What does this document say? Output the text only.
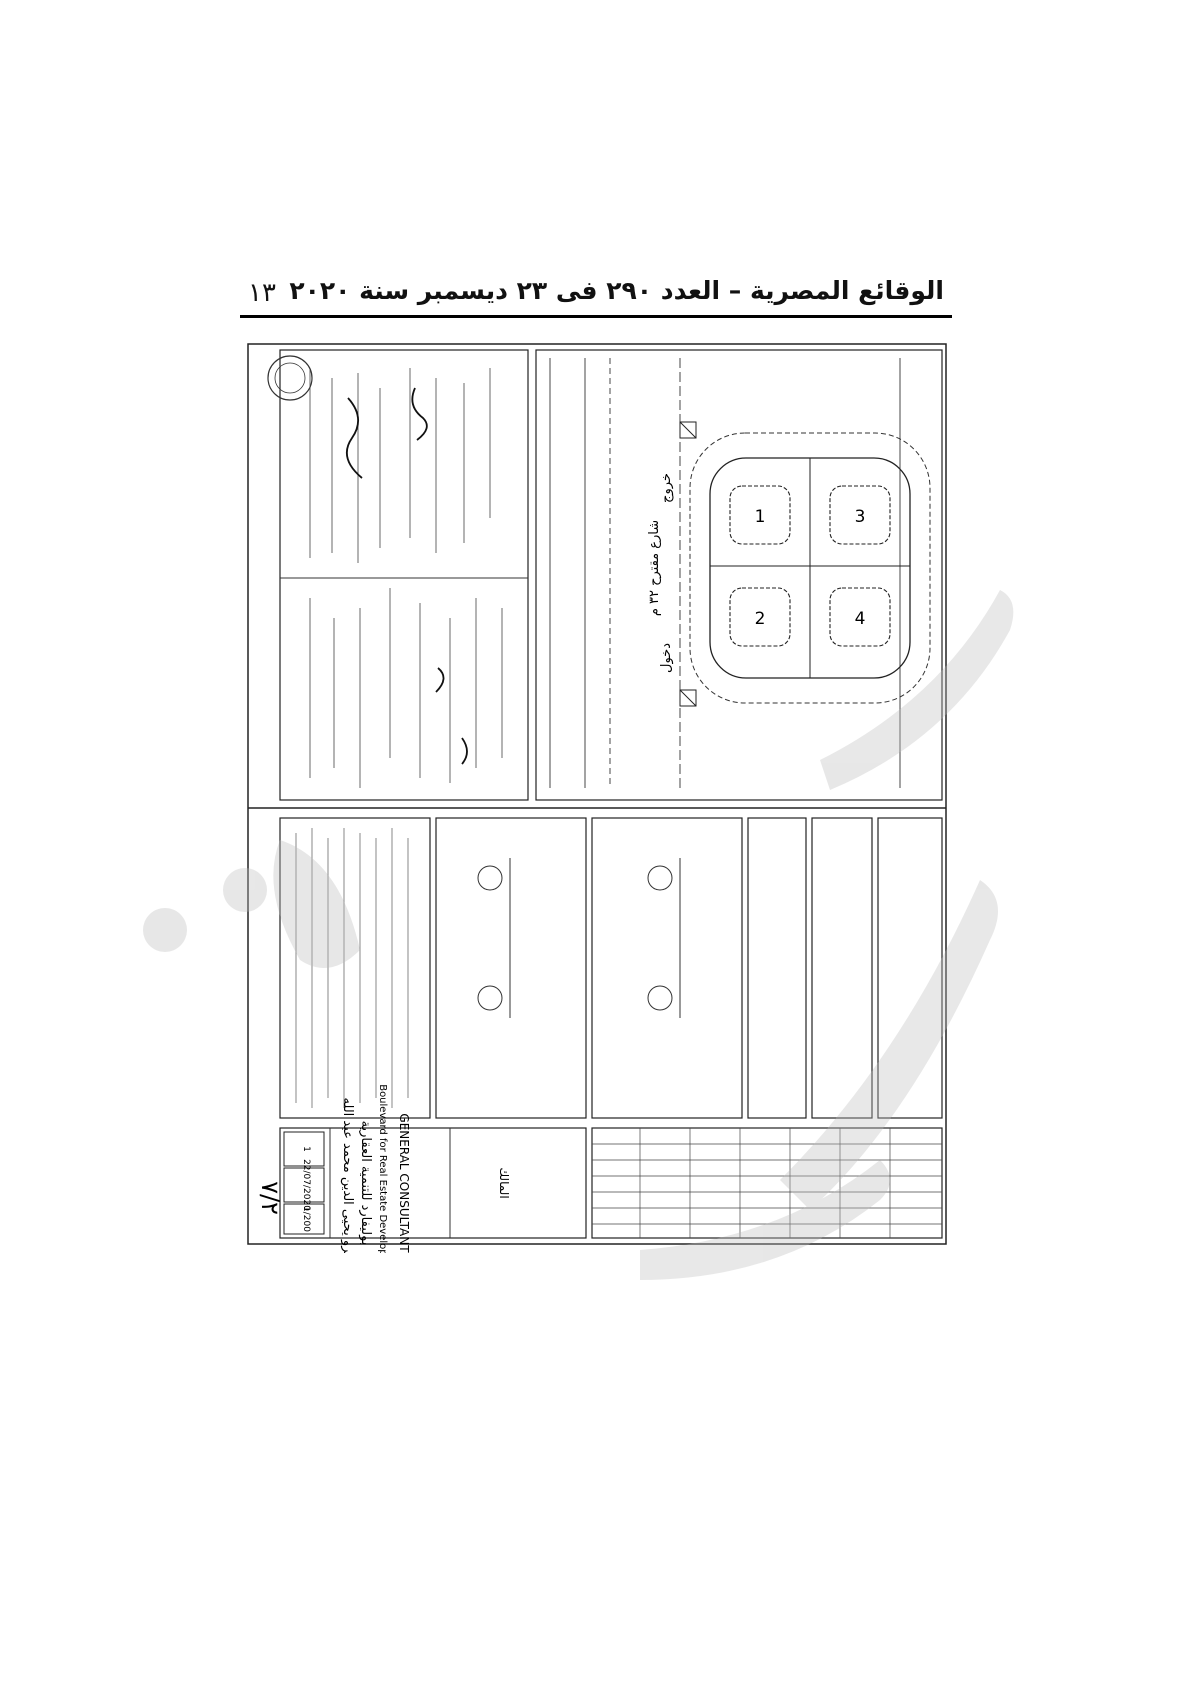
١٣ الوقائع المصرية – العدد ٢٩٠ فى ٢٣ ديسمبر سنة ٢٠٢٠
1
2
3
4
شارع مقترح ٣٢ م
دخول
خروج
GENERAL CONSULTANT
Boulevard for Real Estate Development
بوليفارد للتنمية العقارية
عمرو يحيى الدين محمد عبد الله	المالك
1
22/07/2020
1/200
٧/٢
